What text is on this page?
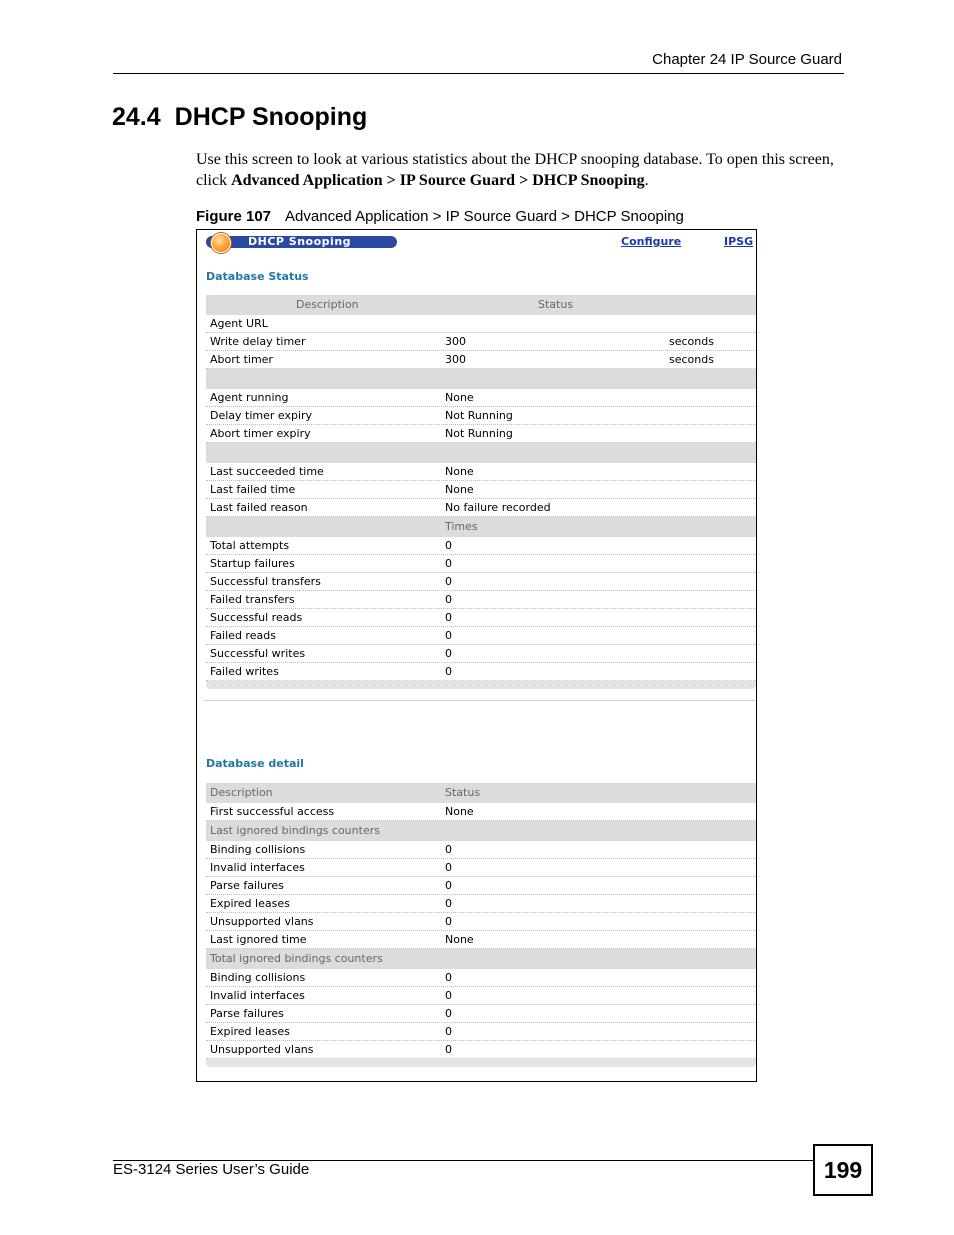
Chapter 24 IP Source Guard
24.4 DHCP Snooping
Use this screen to look at various statistics about the DHCP snooping database. To open this screen, click Advanced Application > IP Source Guard > DHCP Snooping.
Figure 107 Advanced Application > IP Source Guard > DHCP Snooping
DHCP Snooping	Configure	IPSG
Database Status
Description	Status
Agent URL
Write delay timer	300	seconds
Abort timer	300	seconds
Agent running	None
Delay timer expiry	Not Running
Abort timer expiry	Not Running
Last succeeded time	None
Last failed time	None
Last failed reason	No failure recorded
Times
Total attempts	0
Startup failures	0
Successful transfers	0
Failed transfers	0
Successful reads	0
Failed reads	0
Successful writes	0
Failed writes	0
Database detail
Description	Status
First successful access	None
Last ignored bindings counters
Binding collisions	0
Invalid interfaces	0
Parse failures	0
Expired leases	0
Unsupported vlans	0
Last ignored time	None
Total ignored bindings counters
Binding collisions	0
Invalid interfaces	0
Parse failures	0
Expired leases	0
Unsupported vlans	0
ES-3124 Series User’s Guide	199
